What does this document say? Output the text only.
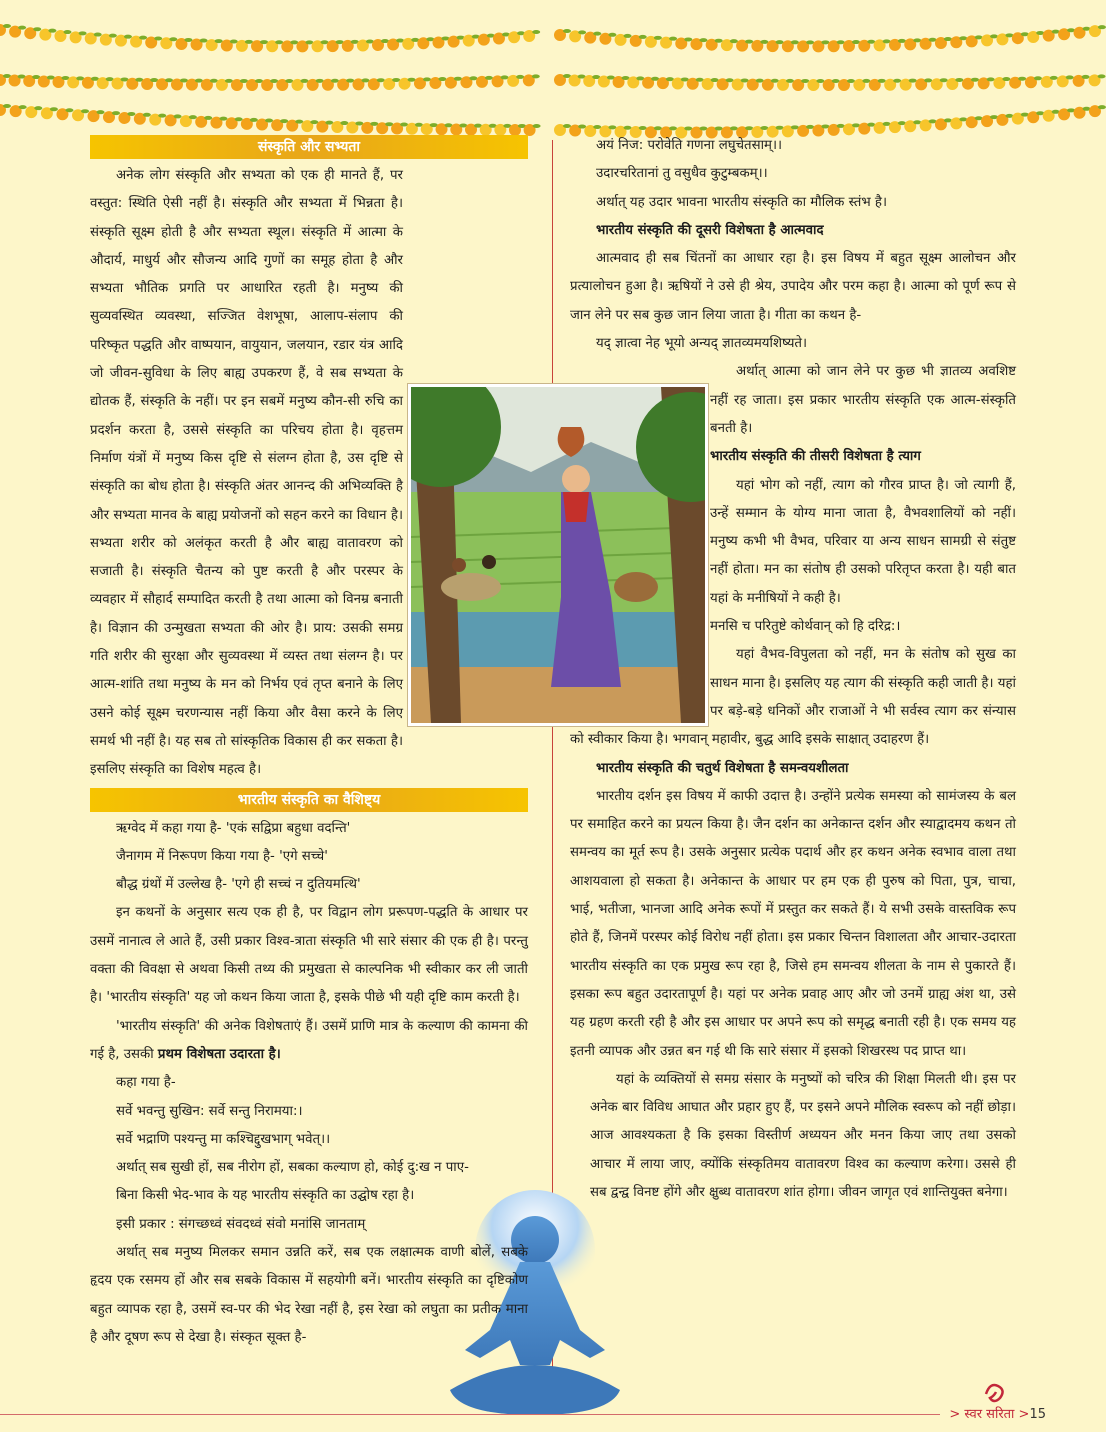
संस्कृति और सभ्यता

अनेक लोग संस्कृति और सभ्यता को एक ही मानते हैं, पर वस्तुत: स्थिति ऐसी नहीं है। संस्कृति और सभ्यता में भिन्नता है। संस्कृति सूक्ष्म होती है और सभ्यता स्थूल। संस्कृति में आत्मा के औदार्य, माधुर्य और सौजन्य आदि गुणों का समूह होता है और सभ्यता भौतिक प्रगति पर आधारित रहती है। मनुष्य की सुव्यवस्थित व्यवस्था, सज्जित वेशभूषा, आलाप-संलाप की परिष्कृत पद्धति और वाष्पयान, वायुयान, जलयान, रडार यंत्र आदि जो जीवन-सुविधा के लिए बाह्य उपकरण हैं, वे सब सभ्यता के द्योतक हैं, संस्कृति के नहीं। पर इन सबमें मनुष्य कौन-सी रुचि का प्रदर्शन करता है, उससे संस्कृति का परिचय होता है। वृहत्तम निर्माण यंत्रों में मनुष्य किस दृष्टि से संलग्न होता है, उस दृष्टि से संस्कृति का बोध होता है। संस्कृति अंतर आनन्द की अभिव्यक्ति है और सभ्यता मानव के बाह्य प्रयोजनों को सहन करने का विधान है। सभ्यता शरीर को अलंकृत करती है और बाह्य वातावरण को सजाती है। संस्कृति चैतन्य को पुष्ट करती है और परस्पर के व्यवहार में सौहार्द सम्पादित करती है तथा आत्मा को विनम्र बनाती है। विज्ञान की उन्मुखता सभ्यता की ओर है। प्राय: उसकी समग्र गति शरीर की सुरक्षा और सुव्यवस्था में व्यस्त तथा संलग्न है। पर आत्म-शांति तथा मनुष्य के मन को निर्भय एवं तृप्त बनाने के लिए उसने कोई सूक्ष्म चरणन्यास नहीं किया और वैसा करने के लिए समर्थ भी नहीं है। यह सब तो सांस्कृतिक विकास ही कर सकता है। इसलिए संस्कृति का विशेष महत्व है।

भारतीय संस्कृति का वैशिष्ट्य

ऋग्वेद में कहा गया है- 'एकं सद्विप्रा बहुधा वदन्ति'

जैनागम में निरूपण किया गया है- 'एगे सच्चे'

बौद्ध ग्रंथों में उल्लेख है- 'एगे ही सच्चं न दुतियमत्थि'

इन कथनों के अनुसार सत्य एक ही है, पर विद्वान लोग प्ररूपण-पद्धति के आधार पर उसमें नानात्व ले आते हैं, उसी प्रकार विश्व-त्राता संस्कृति भी सारे संसार की एक ही है। परन्तु वक्ता की विवक्षा से अथवा किसी तथ्य की प्रमुखता से काल्पनिक भी स्वीकार कर ली जाती है। 'भारतीय संस्कृति' यह जो कथन किया जाता है, इसके पीछे भी यही दृष्टि काम करती है।

'भारतीय संस्कृति' की अनेक विशेषताएं हैं। उसमें प्राणि मात्र के कल्याण की कामना की गई है, उसकी प्रथम विशेषता उदारता है।

कहा गया है-

सर्वे भवन्तु सुखिन: सर्वे सन्तु निरामया:।

सर्वे भद्राणि पश्यन्तु मा कश्चिद्दुखभाग् भवेत्।।

अर्थात् सब सुखी हों, सब नीरोग हों, सबका कल्याण हो, कोई दु:ख न पाए-

बिना किसी भेद-भाव के यह भारतीय संस्कृति का उद्घोष रहा है।

इसी प्रकार : संगच्छध्वं संवदध्वं संवो मनांसि जानताम्

अर्थात् सब मनुष्य मिलकर समान उन्नति करें, सब एक लक्षात्मक वाणी बोलें, सबके हृदय एक रसमय हों और सब सबके विकास में सहयोगी बनें। भारतीय संस्कृति का दृष्टिकोण बहुत व्यापक रहा है, उसमें स्व-पर की भेद रेखा नहीं है, इस रेखा को लघुता का प्रतीक माना है और दूषण रूप से देखा है। संस्कृत सूक्त है-

अयं निज: परोवेति गणना लघुचेतसाम्।।

उदारचरितानां तु वसुधैव कुटुम्बकम्।।

अर्थात् यह उदार भावना भारतीय संस्कृति का मौलिक स्तंभ है।

भारतीय संस्कृति की दूसरी विशेषता है आत्मवाद

आत्मवाद ही सब चिंतनों का आधार रहा है। इस विषय में बहुत सूक्ष्म आलोचन और प्रत्यालोचन हुआ है। ऋषियों ने उसे ही श्रेय, उपादेय और परम कहा है। आत्मा को पूर्ण रूप से जान लेने पर सब कुछ जान लिया जाता है। गीता का कथन है-

यद् ज्ञात्वा नेह भूयो अन्यद् ज्ञातव्यमयशिष्यते।

अर्थात् आत्मा को जान लेने पर कुछ भी ज्ञातव्य अवशिष्ट नहीं रह जाता। इस प्रकार भारतीय संस्कृति एक आत्म-संस्कृति बनती है।

भारतीय संस्कृति की तीसरी विशेषता है त्याग

यहां भोग को नहीं, त्याग को गौरव प्राप्त है। जो त्यागी हैं, उन्हें सम्मान के योग्य माना जाता है, वैभवशालियों को नहीं। मनुष्य कभी भी वैभव, परिवार या अन्य साधन सामग्री से संतुष्ट नहीं होता। मन का संतोष ही उसको परितृप्त करता है। यही बात यहां के मनीषियों ने कही है।

मनसि च परितुष्टे कोर्थवान् को हि दरिद्र:।

यहां वैभव-विपुलता को नहीं, मन के संतोष को सुख का साधन माना है। इसलिए यह त्याग की संस्कृति कही जाती है। यहां पर बड़े-बड़े धनिकों और राजाओं ने भी सर्वस्व त्याग कर संन्यास को स्वीकार किया है। भगवान् महावीर, बुद्ध आदि इसके साक्षात् उदाहरण हैं।

भारतीय संस्कृति की चतुर्थ विशेषता है समन्वयशीलता

भारतीय दर्शन इस विषय में काफी उदात्त है। उन्होंने प्रत्येक समस्या को सामंजस्य के बल पर समाहित करने का प्रयत्न किया है। जैन दर्शन का अनेकान्त दर्शन और स्याद्वादमय कथन तो समन्वय का मूर्त रूप है। उसके अनुसार प्रत्येक पदार्थ और हर कथन अनेक स्वभाव वाला तथा आशयवाला हो सकता है। अनेकान्त के आधार पर हम एक ही पुरुष को पिता, पुत्र, चाचा, भाई, भतीजा, भानजा आदि अनेक रूपों में प्रस्तुत कर सकते हैं। ये सभी उसके वास्तविक रूप होते हैं, जिनमें परस्पर कोई विरोध नहीं होता। इस प्रकार चिन्तन विशालता और आचार-उदारता भारतीय संस्कृति का एक प्रमुख रूप रहा है, जिसे हम समन्वय शीलता के नाम से पुकारते हैं। इसका रूप बहुत उदारतापूर्ण है। यहां पर अनेक प्रवाह आए और जो उनमें ग्राह्य अंश था, उसे यह ग्रहण करती रही है और इस आधार पर अपने रूप को समृद्ध बनाती रही है। एक समय यह इतनी व्यापक और उन्नत बन गई थी कि सारे संसार में इसको शिखरस्थ पद प्राप्त था।

यहां के व्यक्तियों से समग्र संसार के मनुष्यों को चरित्र की शिक्षा मिलती थी। इस पर अनेक बार विविध आघात और प्रहार हुए हैं, पर इसने अपने मौलिक स्वरूप को नहीं छोड़ा। आज आवश्यकता है कि इसका विस्तीर्ण अध्ययन और मनन किया जाए तथा उसको आचार में लाया जाए, क्योंकि संस्कृतिमय वातावरण विश्व का कल्याण करेगा। उससे ही सब द्वन्द्व विनष्ट होंगे और क्षुब्ध वातावरण शांत होगा। जीवन जागृत एवं शान्तियुक्त बनेगा।

> स्वर सरिता >15
